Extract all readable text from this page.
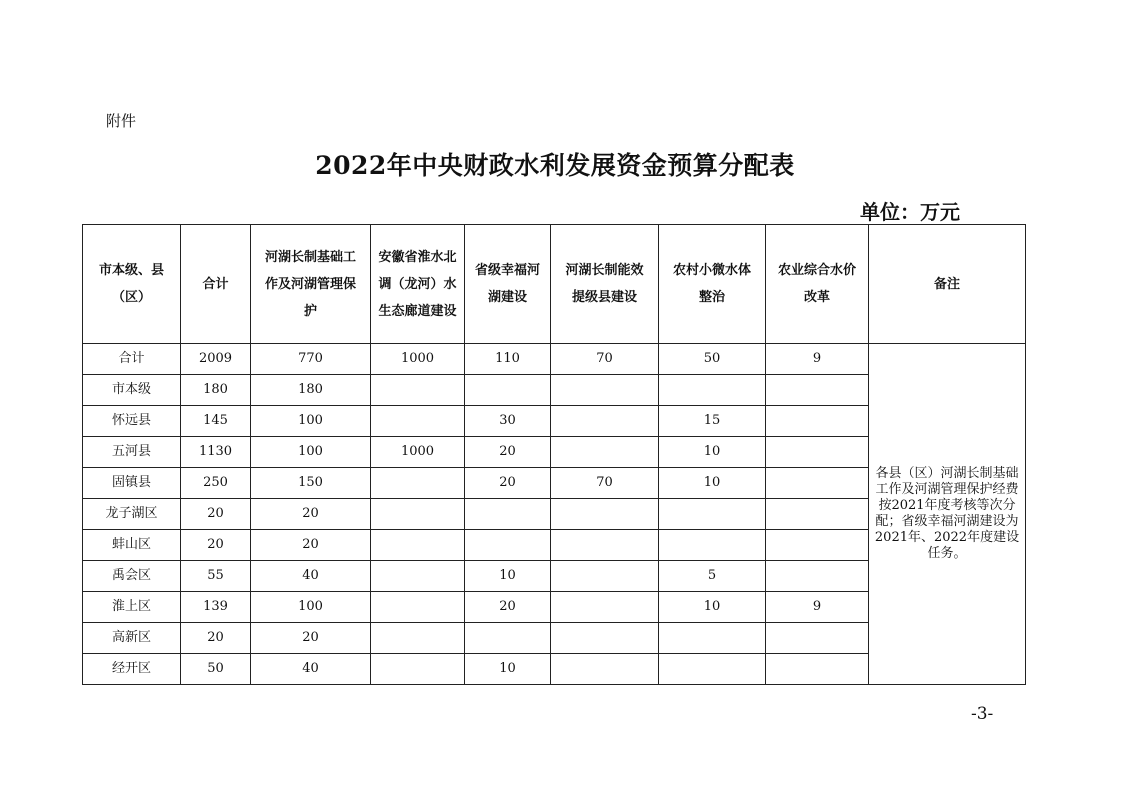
附件
2022年中央财政水利发展资金预算分配表
单位：万元
市本级、县（区）	合计	河湖长制基础工作及河湖管理保护	安徽省淮水北调（龙河）水生态廊道建设	省级幸福河湖建设	河湖长制能效提级县建设	农村小微水体整治	农业综合水价改革	备注
合计	2009	770	1000	110	70	50	9	各县（区）河湖长制基础工作及河湖管理保护经费按2021年度考核等次分配；省级幸福河湖建设为2021年、2022年度建设任务。
市本级	180	180						
怀远县	145	100		30		15		
五河县	1130	100	1000	20		10		
固镇县	250	150		20	70	10		
龙子湖区	20	20						
蚌山区	20	20						
禹会区	55	40		10		5		
淮上区	139	100		20		10	9	
高新区	20	20						
经开区	50	40		10				
-3-
